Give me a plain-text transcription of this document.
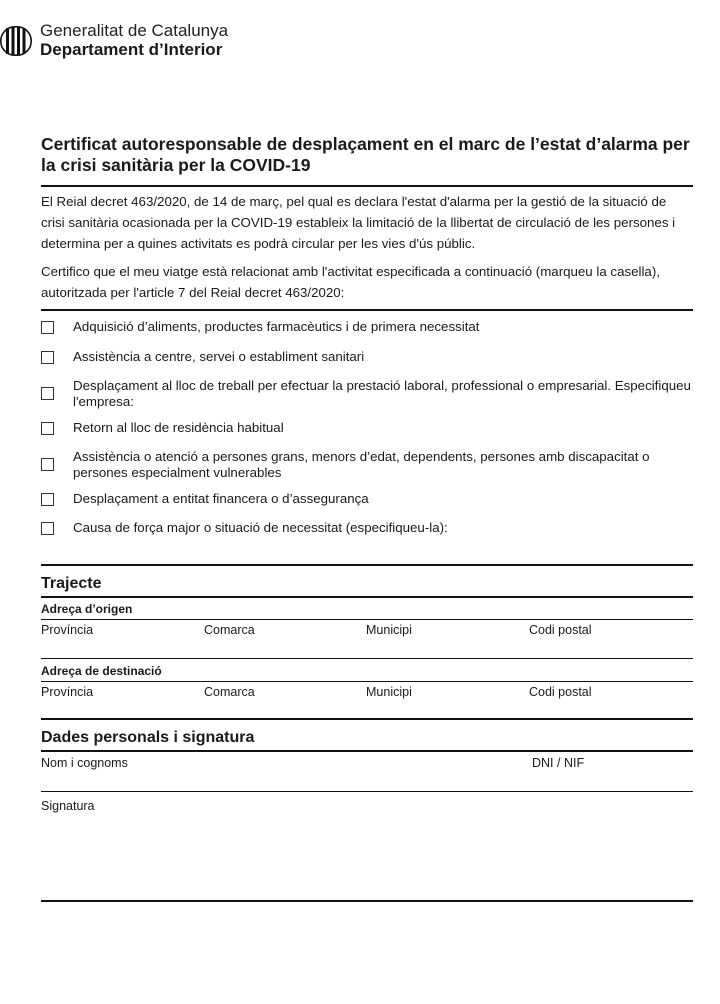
Generalitat de Catalunya
Departament d’Interior
Certificat autoresponsable de desplaçament en el marc de l’estat d’alarma per la crisi sanitària per la COVID-19

El Reial decret 463/2020, de 14 de març, pel qual es declara l'estat d'alarma per la gestió de la situació de crisi sanitària ocasionada per la COVID-19 estableix la limitació de la llibertat de circulació de les persones i determina per a quines activitats es podrà circular per les vies d'ús públic.

Certifico que el meu viatge està relacionat amb l'activitat especificada a continuació (marqueu la casella), autoritzada per l'article 7 del Reial decret 463/2020:

Adquisició d’aliments, productes farmacèutics i de primera necessitat
Assistència a centre, servei o establiment sanitari
Desplaçament al lloc de treball per efectuar la prestació laboral, professional o empresarial. Especifiqueu l'empresa:
Retorn al lloc de residència habitual
Assistència o atenció a persones grans, menors d’edat, dependents, persones amb discapacitat o persones especialment vulnerables
Desplaçament a entitat financera o d’assegurança
Causa de força major o situació de necessitat (especifiqueu-la):
Trajecte
Adreça d’origen
Província	Comarca	Municipi	Codi postal
Adreça de destinació
Província	Comarca	Municipi	Codi postal
Dades personals i signatura
Nom i cognoms	DNI / NIF
Signatura
